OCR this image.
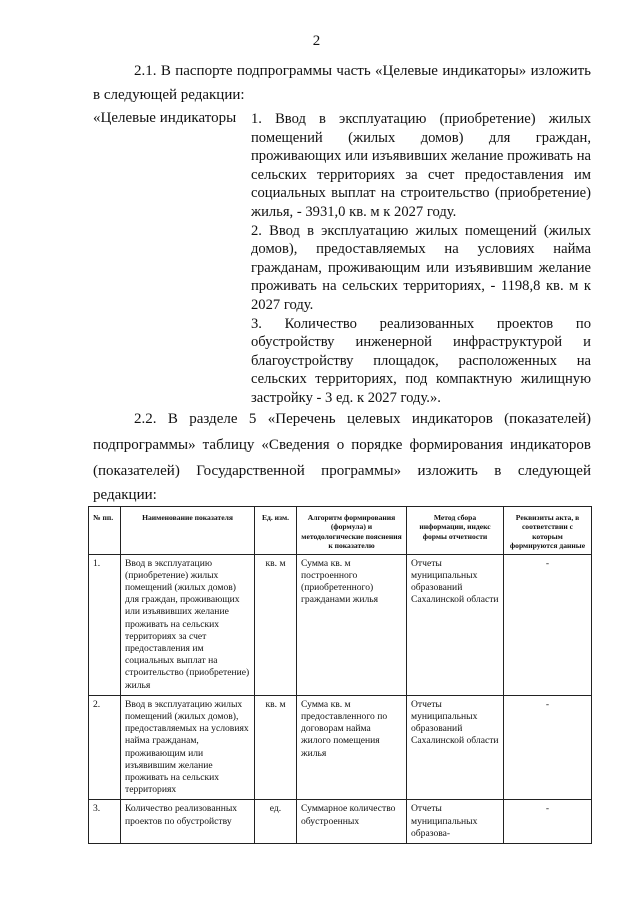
2
2.1. В паспорте подпрограммы часть «Целевые индикаторы» изложить
в следующей редакции:
«Целевые индикаторы 1. Ввод в эксплуатацию (приобретение) жилых помещений (жилых домов) для граждан, проживающих или изъявивших желание проживать на сельских территориях за счет предоставления им социальных выплат на строительство (приобретение) жилья, - 3931,0 кв. м к 2027 году.

2. Ввод в эксплуатацию жилых помещений (жилых домов), предоставляемых на условиях найма гражданам, проживающим или изъявившим желание проживать на сельских территориях, - 1198,8 кв. м к 2027 году.

3. Количество реализованных проектов по обустройству инженерной инфраструктурой и благоустройству площадок, расположенных на сельских территориях, под компактную жилищную застройку - 3 ед. к 2027 году.».

2.2. В разделе 5 «Перечень целевых индикаторов (показателей)
подпрограммы» таблицу «Сведения о порядке формирования индикаторов
(показателей) Государственной программы» изложить в следующей
редакции:
№ пп.	Наименование показателя	Ед. изм.	Алгоритм формирования (формула) и методологические пояснения к показателю	Метод сбора информации, индекс формы отчетности	Реквизиты акта, в соответствии с которым формируются данные
1.	Ввод в эксплуатацию (приобретение) жилых помещений (жилых домов) для граждан, проживающих или изъявивших желание проживать на сельских территориях за счет предоставления им социальных выплат на строительство (приобретение) жилья	кв. м	Сумма кв. м построенного (приобретенного) гражданами жилья	Отчеты муниципальных образований Сахалинской области	-
2.	Ввод в эксплуатацию жилых помещений (жилых домов), предоставляемых на условиях найма гражданам, проживающим или изъявившим желание проживать на сельских территориях	кв. м	Сумма кв. м предоставленного по договорам найма жилого помещения жилья	Отчеты муниципальных образований Сахалинской области	-
3.	Количество реализованных проектов по обустройству	ед.	Суммарное количество обустроенных	Отчеты муниципальных образова-	-
